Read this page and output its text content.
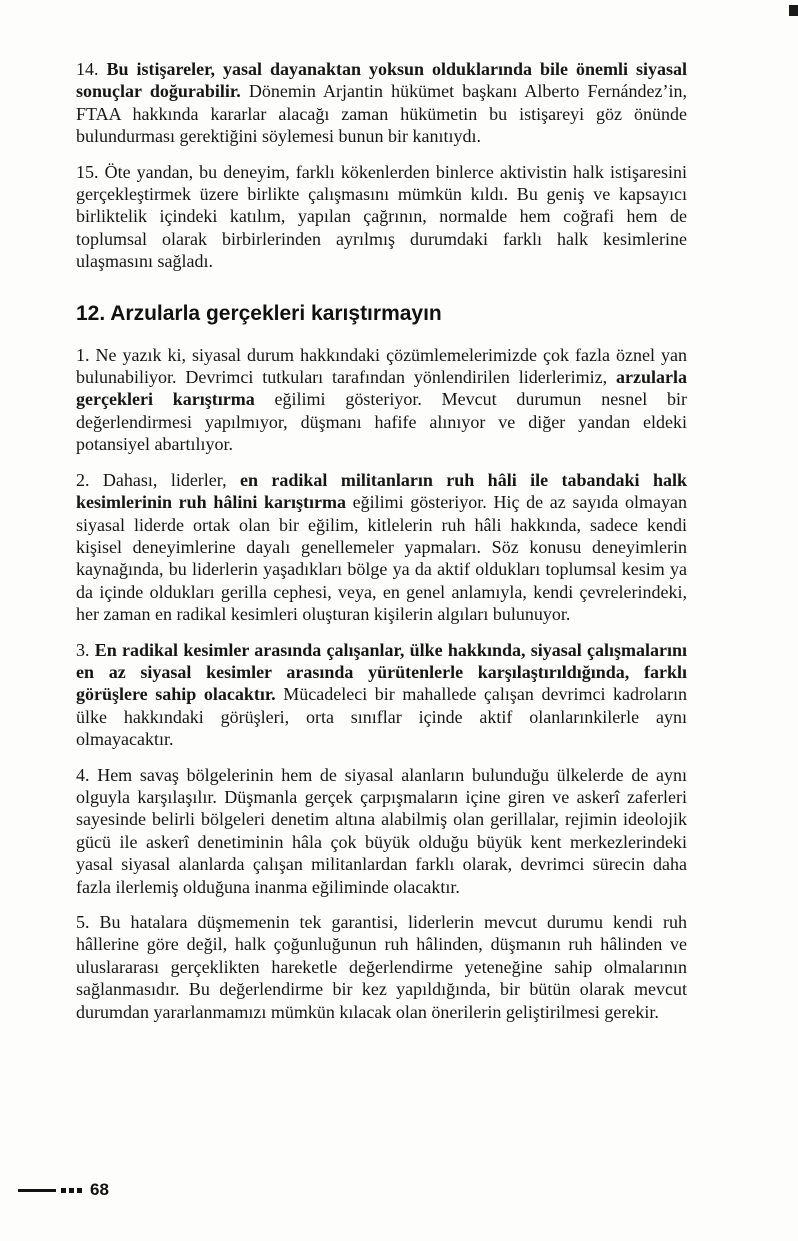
14. Bu istişareler, yasal dayanaktan yoksun olduklarında bile önemli siyasal sonuçlar doğurabilir. Dönemin Arjantin hükümet başkanı Alberto Fernández’in, FTAA hakkında kararlar alacağı zaman hükümetin bu istişareyi göz önünde bulundurması gerektiğini söylemesi bunun bir kanıtıydı.

15. Öte yandan, bu deneyim, farklı kökenlerden binlerce aktivistin halk istişaresini gerçekleştirmek üzere birlikte çalışmasını mümkün kıldı. Bu geniş ve kapsayıcı birliktelik içindeki katılım, yapılan çağrının, normalde hem coğrafi hem de toplumsal olarak birbirlerinden ayrılmış durumdaki farklı halk kesimlerine ulaşmasını sağladı.

12. Arzularla gerçekleri karıştırmayın

1. Ne yazık ki, siyasal durum hakkındaki çözümlemelerimizde çok fazla öznel yan bulunabiliyor. Devrimci tutkuları tarafından yönlendirilen liderlerimiz, arzularla gerçekleri karıştırma eğilimi gösteriyor. Mevcut durumun nesnel bir değerlendirmesi yapılmıyor, düşmanı hafife alınıyor ve diğer yandan eldeki potansiyel abartılıyor.

2. Dahası, liderler, en radikal militanların ruh hâli ile tabandaki halk kesimlerinin ruh hâlini karıştırma eğilimi gösteriyor. Hiç de az sayıda olmayan siyasal liderde ortak olan bir eğilim, kitlelerin ruh hâli hakkında, sadece kendi kişisel deneyimlerine dayalı genellemeler yapmaları. Söz konusu deneyimlerin kaynağında, bu liderlerin yaşadıkları bölge ya da aktif oldukları toplumsal kesim ya da içinde oldukları gerilla cephesi, veya, en genel anlamıyla, kendi çevrelerindeki, her zaman en radikal kesimleri oluşturan kişilerin algıları bulunuyor.

3. En radikal kesimler arasında çalışanlar, ülke hakkında, siyasal çalışmalarını en az siyasal kesimler arasında yürütenlerle karşılaştırıldığında, farklı görüşlere sahip olacaktır. Mücadeleci bir mahallede çalışan devrimci kadroların ülke hakkındaki görüşleri, orta sınıflar içinde aktif olanlarınkilerle aynı olmayacaktır.

4. Hem savaş bölgelerinin hem de siyasal alanların bulunduğu ülkelerde de aynı olguyla karşılaşılır. Düşmanla gerçek çarpışmaların içine giren ve askerî zaferleri sayesinde belirli bölgeleri denetim altına alabilmiş olan gerillalar, rejimin ideolojik gücü ile askerî denetiminin hâla çok büyük olduğu büyük kent merkezlerindeki yasal siyasal alanlarda çalışan militanlardan farklı olarak, devrimci sürecin daha fazla ilerlemiş olduğuna inanma eğiliminde olacaktır.

5. Bu hatalara düşmemenin tek garantisi, liderlerin mevcut durumu kendi ruh hâllerine göre değil, halk çoğunluğunun ruh hâlinden, düşmanın ruh hâlinden ve uluslararası gerçeklikten hareketle değerlendirme yeteneğine sahip olmalarının sağlanmasıdır. Bu değerlendirme bir kez yapıldığında, bir bütün olarak mevcut durumdan yararlanmamızı mümkün kılacak olan önerilerin geliştirilmesi gerekir.

68
